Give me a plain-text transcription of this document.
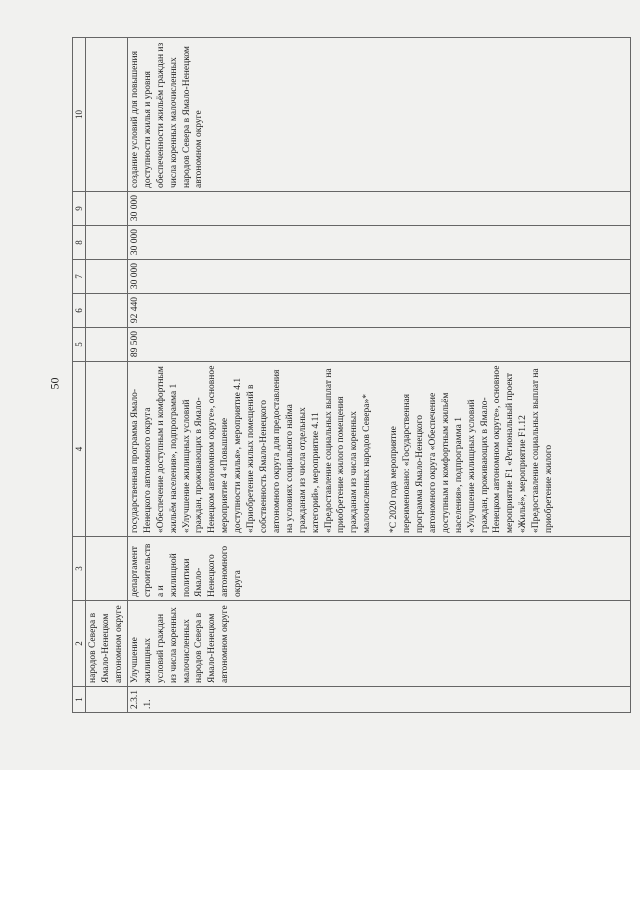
50
1	2	3	4	5	6	7	8	9	10
	народов Севера в Ямало-Ненецком автономном округе								
2.3.1.1.	Улучшение жилищных условий граждан из числа коренных малочисленных народов Севера в Ямало-Ненецком автономном округе	департамент строительства и жилищной политики Ямало-Ненецкого автономного округа	государственная программа Ямало-Ненецкого автономного округа «Обеспечение доступным и комфортным жильём населения», подпрограмма 1 «Улучшение жилищных условий граждан, проживающих в Ямало-Ненецком автономном округе», основное мероприятие 4 «Повышение доступности жилья», мероприятие 4.1 «Приобретение жилых помещений в собственность Ямало-Ненецкого автономного округа для предоставления на условиях социального найма гражданам из числа отдельных категорий», мероприятие 4.11 «Предоставление социальных выплат на приобретение жилого помещения гражданам из числа коренных малочисленных народов Севера»* *С 2020 года мероприятие переименовано: «Государственная программа Ямало-Ненецкого автономного округа «Обеспечение доступным и комфортным жильём населения», подпрограмма 1 «Улучшение жилищных условий граждан, проживающих в Ямало-Ненецком автономном округе», основное мероприятие F1 «Региональный проект «Жильё», мероприятие F1.12 «Предоставление социальных выплат на приобретение жилого	89 500	92 440	30 000	30 000	30 000	создание условий для повышения доступности жилья и уровня обеспеченности жильём граждан из числа коренных малочисленных народов Севера в Ямало-Ненецком автономном округе
